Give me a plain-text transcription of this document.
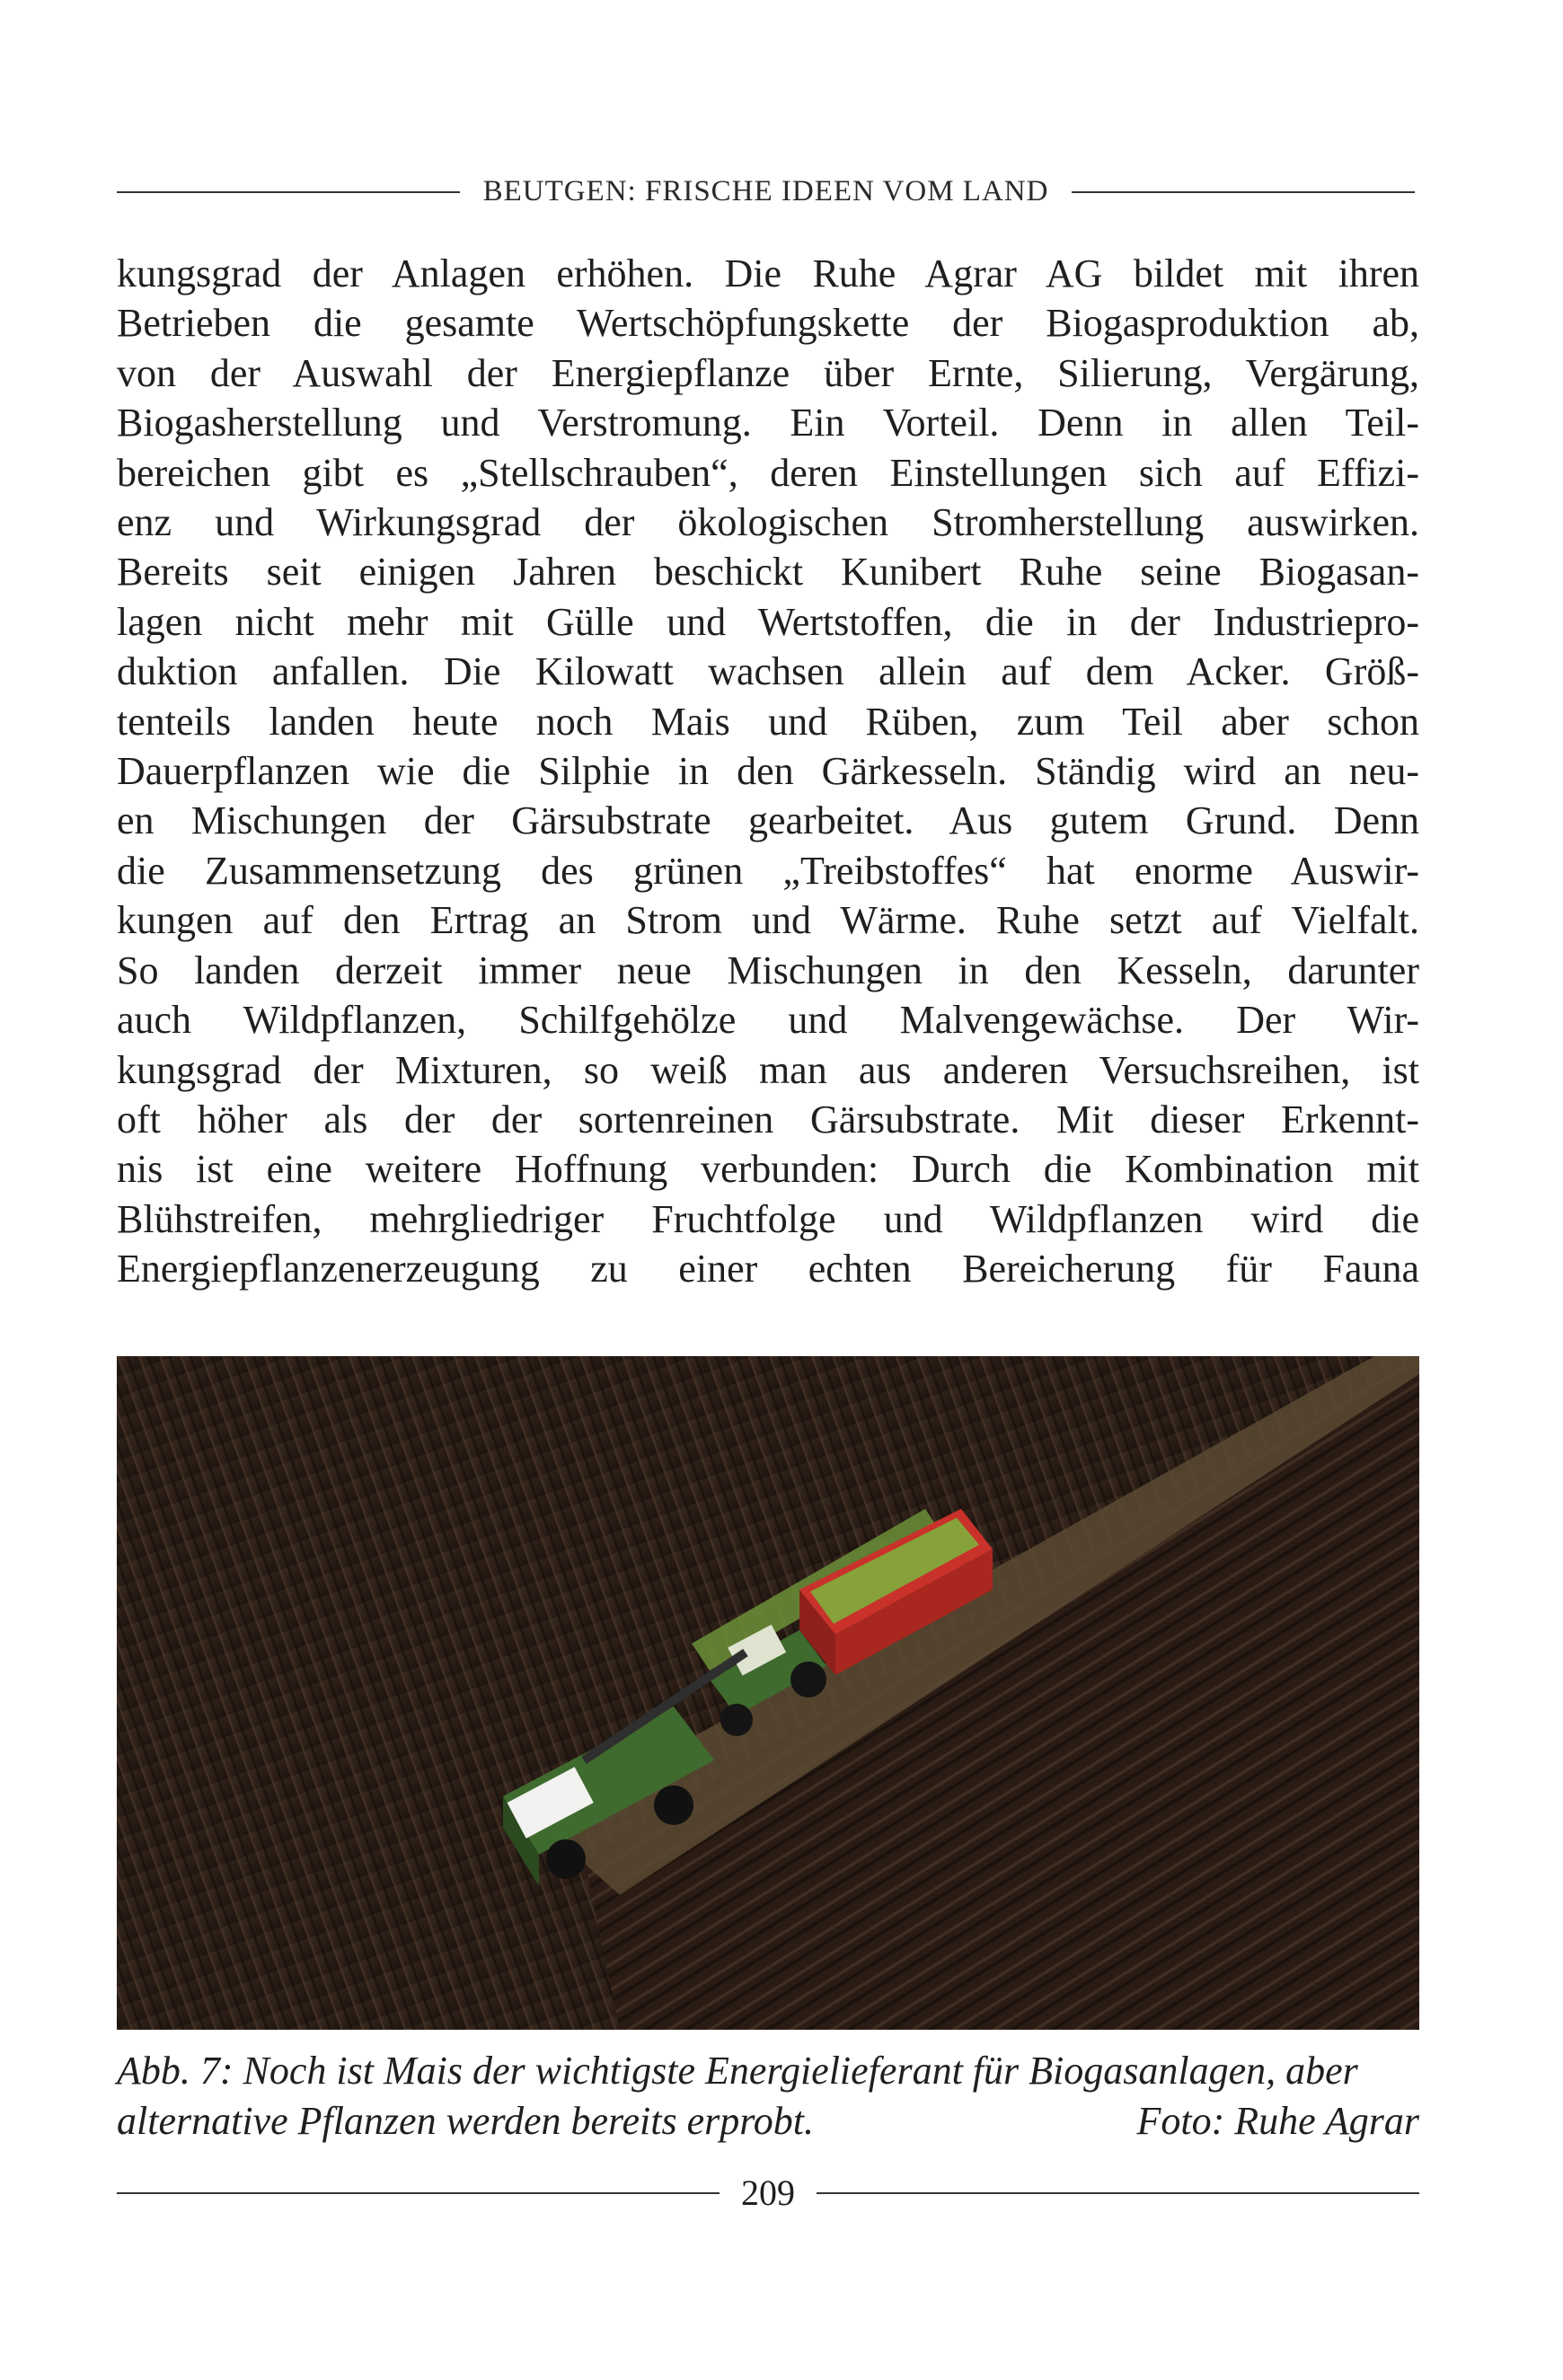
BEUTGEN: FRISCHE IDEEN VOM LAND
kungsgrad der Anlagen erhöhen. Die Ruhe Agrar AG bildet mit ihren
Betrieben die gesamte Wertschöpfungskette der Biogasproduktion ab,
von der Auswahl der Energiepflanze über Ernte, Silierung, Vergärung,
Biogasherstellung und Verstromung. Ein Vorteil. Denn in allen Teil-
bereichen gibt es „Stellschrauben“, deren Einstellungen sich auf Effizi-
enz und Wirkungsgrad der ökologischen Stromherstellung auswirken.
Bereits seit einigen Jahren beschickt Kunibert Ruhe seine Biogasan-
lagen nicht mehr mit Gülle und Wertstoffen, die in der Industriepro-
duktion anfallen. Die Kilowatt wachsen allein auf dem Acker. Größ-
tenteils landen heute noch Mais und Rüben, zum Teil aber schon
Dauerpflanzen wie die Silphie in den Gärkesseln. Ständig wird an neu-
en Mischungen der Gärsubstrate gearbeitet. Aus gutem Grund. Denn
die Zusammensetzung des grünen „Treibstoffes“ hat enorme Auswir-
kungen auf den Ertrag an Strom und Wärme. Ruhe setzt auf Vielfalt.
So landen derzeit immer neue Mischungen in den Kesseln, darunter
auch Wildpflanzen, Schilfgehölze und Malvengewächse. Der Wir-
kungsgrad der Mixturen, so weiß man aus anderen Versuchsreihen, ist
oft höher als der der sortenreinen Gärsubstrate. Mit dieser Erkennt-
nis ist eine weitere Hoffnung verbunden: Durch die Kombination mit
Blühstreifen, mehrgliedriger Fruchtfolge und Wildpflanzen wird die
Energiepflanzenerzeugung zu einer echten Bereicherung für Fauna
Abb. 7: Noch ist Mais der wichtigste Energielieferant für Biogasanlagen, aber
alternative Pflanzen werden bereits erprobt.	Foto: Ruhe Agrar
209
